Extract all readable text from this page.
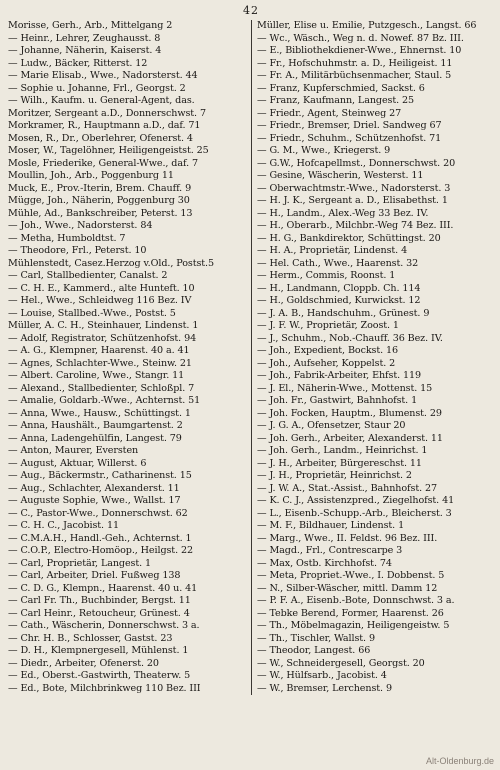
42
Morisse, Gerh., Arb., Mittelgang 2
— Heinr., Lehrer, Zeughausst. 8
— Johanne, Näherin, Kaiserst. 4
— Ludw., Bäcker, Ritterst. 12
— Marie Elisab., Wwe., Nadorsterst. 44
— Sophie u. Johanne, Frl., Georgst. 2
— Wilh., Kaufm. u. General-Agent, das.
Moritzer, Sergeant a.D., Donnerschwst. 7
Morkramer, R., Hauptmann a.D., daf. 71
Mosen, R., Dr., Oberlehrer, Ofenerst. 4
Moser, W., Tagelöhner, Heiligengeistst. 25
Mosle, Friederike, General-Wwe., daf. 7
Moullin, Joh., Arb., Poggenburg 11
Muck, E., Prov.-Iterin, Brem. Chauff. 9
Mügge, Joh., Näherin, Poggenburg 30
Mühle, Ad., Bankschreiber, Peterst. 13
— Joh., Wwe., Nadorsterst. 84
— Metha, Humboldtst. 7
— Theodore, Frl., Peterst. 10
Mühlenstedt, Casez.Herzog v.Old., Postst.5
— Carl, Stallbedienter, Canalst. 2
— C. H. E., Kammerd., alte Hunteft. 10
— Hel., Wwe., Schleidweg 116 Bez. IV
— Louise, Stallbed.-Wwe., Postst. 5
Müller, A. C. H., Steinhauer, Lindenst. 1
— Adolf, Registrator, Schützenhofst. 94
— A. G., Klempner, Haarenst. 40 a. 41
— Agnes, Schlachter-Wwe., Steinw. 21
— Albert. Caroline, Wwe., Stangr. 11
— Alexand., Stallbedienter, Schloßpl. 7
— Amalie, Goldarb.-Wwe., Achternst. 51
— Anna, Wwe., Hausw., Schüttingst. 1
— Anna, Haushält., Baumgartenst. 2
— Anna, Ladengehülfin, Langest. 79
— Anton, Maurer, Eversten
— August, Aktuar, Willerst. 6
— Aug., Bäckermstr., Catharinenst. 15
— Aug., Schlachter, Alexanderst. 11
— Auguste Sophie, Wwe., Wallst. 17
— C., Pastor-Wwe., Donnerschwst. 62
— C. H. C., Jacobist. 11
— C.M.A.H., Handl.-Geh., Achternst. 1
— C.O.P., Electro-Homöop., Heilgst. 22
— Carl, Proprietär, Langest. 1
— Carl, Arbeiter, Driel. Fußweg 138
— C. D. G., Klempn., Haarenst. 40 u. 41
— Carl Fr. Th., Buchbinder, Bergst. 11
— Carl Heinr., Retoucheur, Grünest. 4
— Cath., Wäscherin, Donnerschwst. 3 a.
— Chr. H. B., Schlosser, Gastst. 23
— D. H., Klempnergesell, Mühlenst. 1
— Diedr., Arbeiter, Ofenerst. 20
— Ed., Oberst.-Gastwirth, Theaterw. 5
— Ed., Bote, Milchbrinkweg 110 Bez. III
Müller, Elise u. Emilie, Putzgesch., Langst. 66
— Wc., Wäsch., Weg n. d. Nowef. 87 Bz. III.
— E., Bibliothekdiener-Wwe., Ehnernst. 10
— Fr., Hofschuhmstr. a. D., Heiligeist. 11
— Fr. A., Militärbüchsenmacher, Staul. 5
— Franz, Kupferschmied, Sackst. 6
— Franz, Kaufmann, Langest. 25
— Friedr., Agent, Steinweg 27
— Friedr., Bremser, Driel. Sandweg 67
— Friedr., Schuhm., Schützenhofst. 71
— G. M., Wwe., Kriegerst. 9
— G.W., Hofcapellmst., Donnerschwst. 20
— Gesine, Wäscherin, Westerst. 11
— Oberwachtmstr.-Wwe., Nadorsterst. 3
— H. J. K., Sergeant a. D., Elisabethst. 1
— H., Landm., Alex.-Weg 33 Bez. IV.
— H., Oberarb., Milchbr.-Weg 74 Bez. III.
— H. G., Bankdirektor, Schüttingst. 20
— H. A., Proprietär, Lindenst. 4
— Hel. Cath., Wwe., Haarenst. 32
— Herm., Commis, Roonst. 1
— H., Landmann, Cloppb. Ch. 114
— H., Goldschmied, Kurwickst. 12
— J. A. B., Handschuhm., Grünest. 9
— J. F. W., Proprietär, Zoost. 1
— J., Schuhm., Nob.-Chauff. 36 Bez. IV.
— Joh., Expedient, Bockst. 16
— Joh., Aufseher, Koppelst. 2
— Joh., Fabrik-Arbeiter, Ehfst. 119
— J. El., Näherin-Wwe., Mottenst. 15
— Joh. Fr., Gastwirt, Bahnhofst. 1
— Joh. Focken, Hauptm., Blumenst. 29
— J. G. A., Ofensetzer, Staur 20
— Joh. Gerh., Arbeiter, Alexanderst. 11
— Joh. Gerh., Landm., Heinrichst. 1
— J. H., Arbeiter, Bürgereschst. 11
— J. H., Proprietär, Heinrichst. 2
— J. W. A., Stat.-Assist., Bahnhofst. 27
— K. C. J., Assistenzpred., Ziegelhofst. 41
— L., Eisenb.-Schupp.-Arb., Bleicherst. 3
— M. F., Bildhauer, Lindenst. 1
— Marg., Wwe., II. Feldst. 96 Bez. III.
— Magd., Frl., Contrescarpe 3
— Max, Ostb. Kirchhofst. 74
— Meta, Propriet.-Wwe., I. Dobbenst. 5
— N., Silber-Wäscher, mittl. Damm 12
— P. F. A., Eisenb.-Bote, Donnschwst. 3 a.
— Tebke Berend, Former, Haarenst. 26
— Th., Möbelmagazin, Heiligengeistw. 5
— Th., Tischler, Wallst. 9
— Theodor, Langest. 66
— W., Schneidergesell, Georgst. 20
— W., Hülfsarb., Jacobist. 4
— W., Bremser, Lerchenst. 9
Alt-Oldenburg.de
